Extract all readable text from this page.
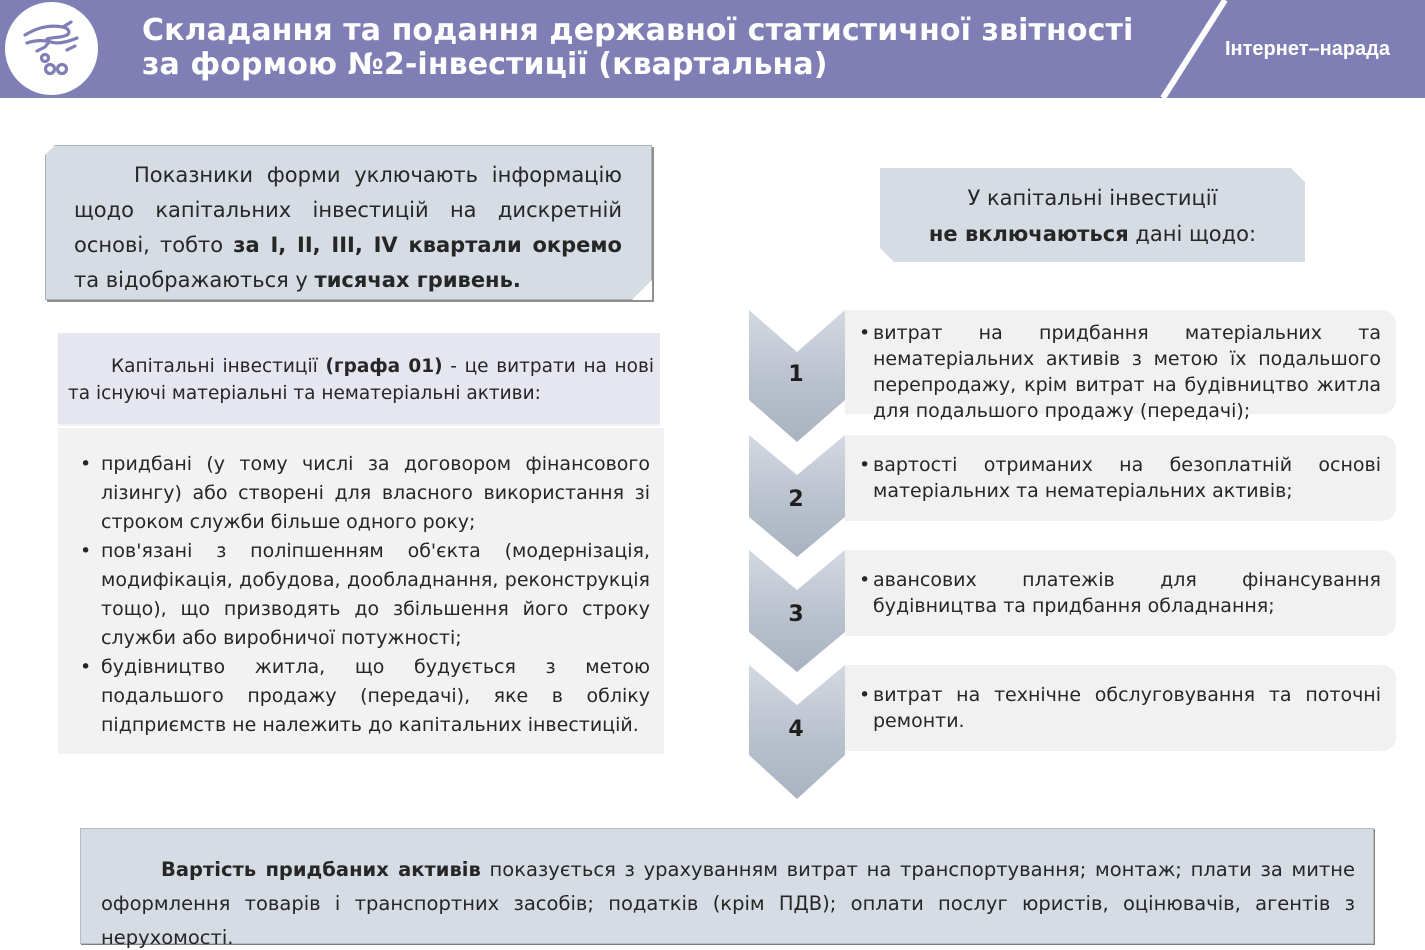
Складання та подання державної статистичної звітності
за формою №2-інвестиції (квартальна)	Інтернет–нарада
Показники форми уключають інформацію щодо капітальних інвестицій на дискретній основі, тобто за I, II, III, IV квартали окремо та відображаються у тисячах гривень.

Капітальні інвестиції (графа 01) - це витрати на нові та існуючі матеріальні та нематеріальні активи:

• придбані (у тому числі за договором фінансового лізингу) або створені для власного використання зі строком служби більше одного року;
• пов'язані з поліпшенням об'єкта (модернізація, модифікація, добудова, дообладнання, реконструкція тощо), що призводять до збільшення його строку служби або виробничої потужності;
• будівництво житла, що будується з метою подальшого продажу (передачі), яке в обліку підприємств не належить до капітальних інвестицій.

У капітальні інвестиції
не включаються дані щодо:

1
2
3
4

• витрат на придбання матеріальних та нематеріальних активів з метою їх подальшого перепродажу, крім витрат на будівництво житла для подальшого продажу (передачі);

• вартості отриманих на безоплатній основі матеріальних та нематеріальних активів;

• авансових платежів для фінансування будівництва та придбання обладнання;

• витрат на технічне обслуговування та поточні ремонти.

Вартість придбаних активів показується з урахуванням витрат на транспортування; монтаж; плати за митне оформлення товарів і транспортних засобів; податків (крім ПДВ); оплати послуг юристів, оцінювачів, агентів з нерухомості.
